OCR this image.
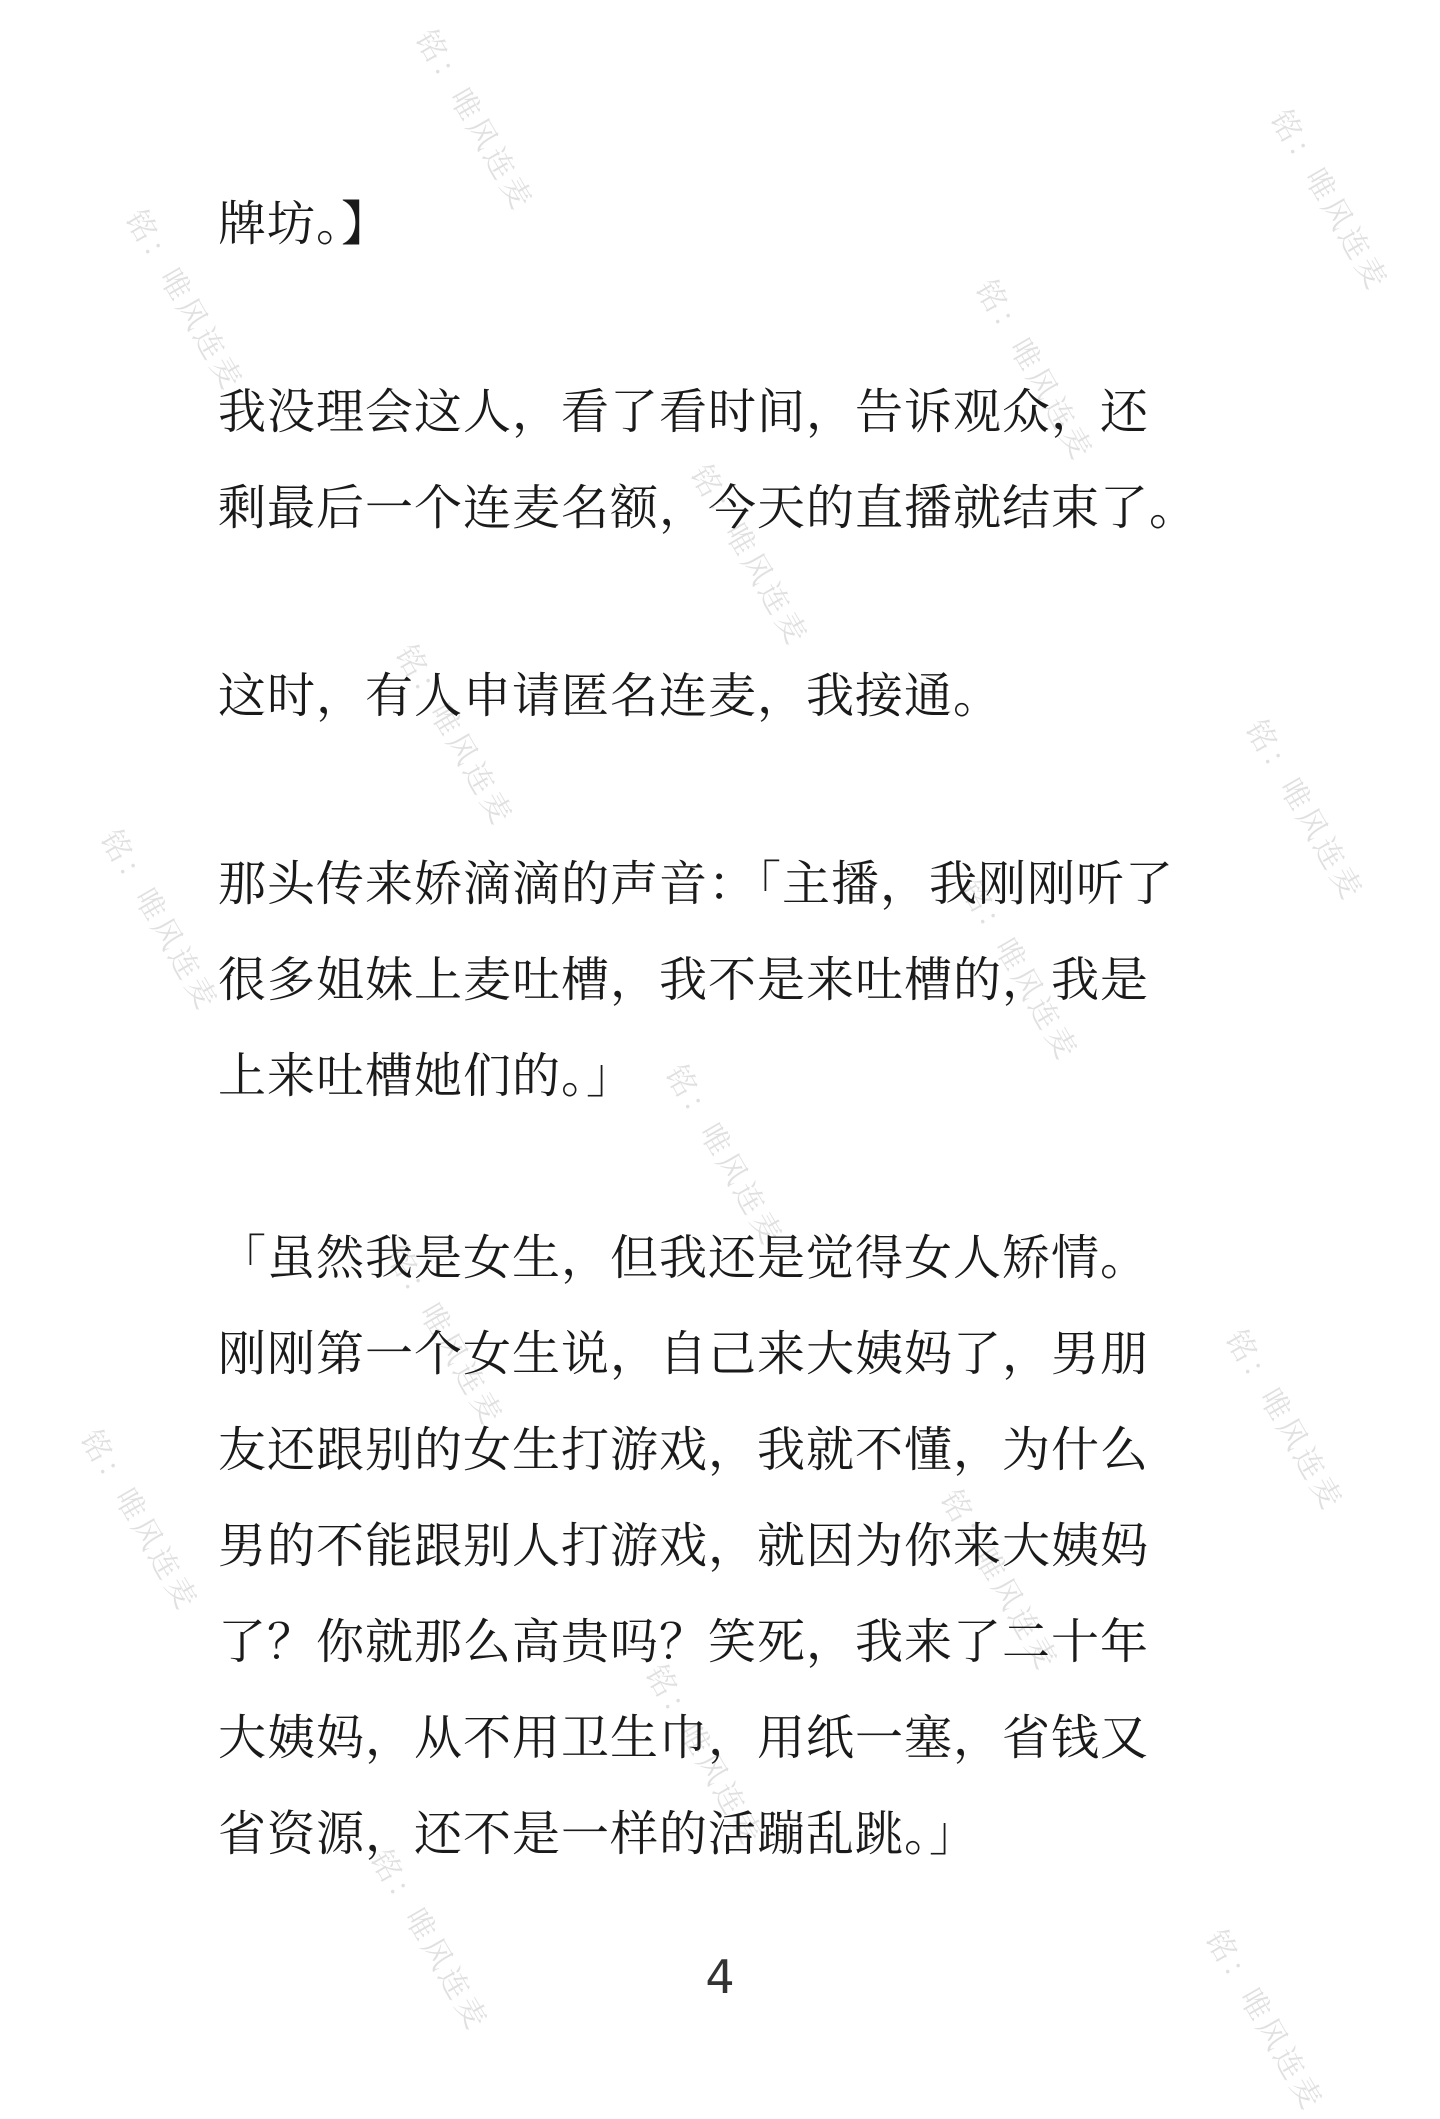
铭：唯风连麦
铭：唯风连麦
铭：唯风连麦
铭：唯风连麦
铭：唯风连麦
铭：唯风连麦
铭：唯风连麦
铭：唯风连麦
铭：唯风连麦
铭：唯风连麦
铭：唯风连麦
铭：唯风连麦
铭：唯风连麦
铭：唯风连麦
铭：唯风连麦
铭：唯风连麦	铭：唯风连麦
牌坊。】
我没理会这人，看了看时间，告诉观众，还
剩最后一个连麦名额，今天的直播就结束了。
这时，有人申请匿名连麦，我接通。
那头传来娇滴滴的声音：「主播，我刚刚听了
很多姐妹上麦吐槽，我不是来吐槽的，我是
上来吐槽她们的。」
「虽然我是女生，但我还是觉得女人矫情。
刚刚第一个女生说，自己来大姨妈了，男朋
友还跟别的女生打游戏，我就不懂，为什么
男的不能跟别人打游戏，就因为你来大姨妈
了？你就那么高贵吗？笑死，我来了二十年
大姨妈，从不用卫生巾，用纸一塞，省钱又
省资源，还不是一样的活蹦乱跳。」
4
